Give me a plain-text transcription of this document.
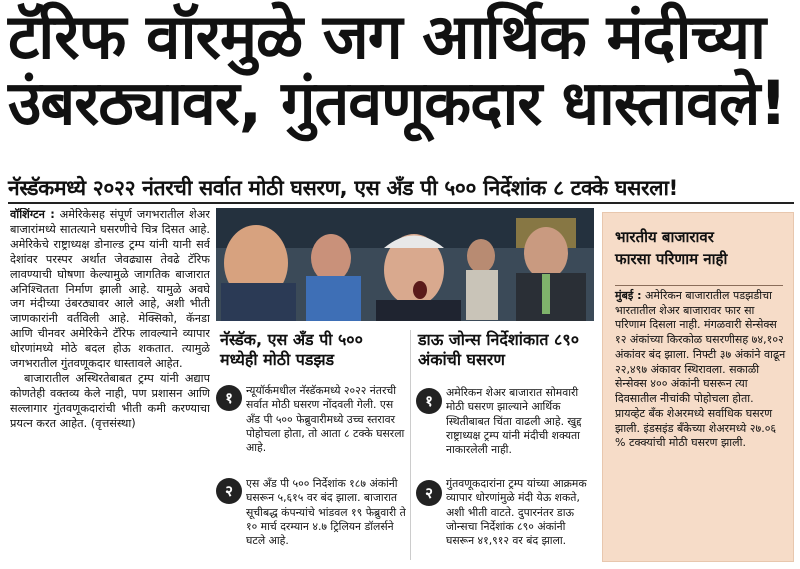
टॅरिफ वॉरमुळे जग आर्थिक मंदीच्या
उंबरठ्यावर, गुंतवणूकदार धास्तावले!
नॅस्डॅकमध्ये २०२२ नंतरची सर्वात मोठी घसरण, एस अँड पी ५०० निर्देशांक ८ टक्के घसरला!

वॉशिंग्टन : अमेरिकेसह संपूर्ण जगभरातील शेअर बाजारांमध्ये सातत्याने घसरणीचे चित्र दिसत आहे. अमेरिकेचे राष्ट्राध्यक्ष डोनाल्ड ट्रम्प यांनी यानी सर्व देशांवर परस्पर अर्थात जेवढ्यास तेवढे टॅरिफ लावण्याची घोषणा केल्यामुळे जागतिक बाजारात अनिश्चितता निर्माण झाली आहे. यामुळे अवघे जग मंदीच्या उंबरठ्यावर आले आहे, अशी भीती जाणकारांनी वर्तविली आहे. मेक्सिको, कॅनडा आणि चीनवर अमेरिकेने टॅरिफ लावल्याने व्यापार धोरणांमध्ये मोठे बदल होऊ शकतात. त्यामुळे जगभरातील गुंतवणूकदार धास्तावले आहेत.

बाजारातील अस्थिरतेबाबत ट्रम्प यांनी अद्याप कोणतेही वक्तव्य केले नाही, पण प्रशासन आणि सल्लागार गुंतवणूकदारांची भीती कमी करण्याचा प्रयत्न करत आहेत. (वृत्तसंस्था)

नॅस्डॅक, एस अँड पी ५०० मध्येही मोठी पडझड
१	न्यूयॉर्कमधील नॅस्डॅकमध्ये २०२२ नंतरची सर्वात मोठी घसरण नोंदवली गेली. एस अँड पी ५०० फेब्रुवारीमध्ये उच्च स्तरावर पोहोचला होता, तो आता ८ टक्के घसरला आहे.
२	एस अँड पी ५०० निर्देशांक १८७ अंकांनी घसरून ५,६१५ वर बंद झाला. बाजारात सूचीबद्ध कंपन्यांचे भांडवल १९ फेब्रुवारी ते १० मार्च दरम्यान ४.७ ट्रिलियन डॉलर्सने घटले आहे.
डाऊ जोन्स निर्देशांकात ८९० अंकांची घसरण
१	अमेरिकन शेअर बाजारात सोमवारी मोठी घसरण झाल्याने आर्थिक स्थितीबाबत चिंता वाढली आहे. खुद्द राष्ट्राध्यक्ष ट्रम्प यांनी मंदीची शक्यता नाकारलेली नाही.
२
गुंतवणूकदारांना ट्रम्प यांच्या आक्रमक व्यापार धोरणांमुळे मंदी येऊ शकते, अशी भीती वाटते. दुपारनंतर डाऊ जोन्सचा निर्देशांक ८९० अंकांनी घसरून ४१,९१२ वर बंद झाला.
भारतीय बाजारावर
फारसा परिणाम नाही
मुंबई : अमेरिकन बाजारातील पडझडीचा भारतातील शेअर बाजारावर फार सा परिणाम दिसला नाही. मंगळवारी सेन्सेक्स १२ अंकांच्या किरकोळ घसरणीसह ७४,१०२ अंकांवर बंद झाला. निफ्टी ३७ अंकांने वाढून २२,४९७ अंकावर स्थिरावला. सकाळी सेन्सेक्स ४०० अंकांनी घसरून त्या दिवसातील नीचांकी पोहोचला होता. प्रायव्हेट बँक शेअरमध्ये सर्वाधिक घसरण झाली. इंडसइंड बँकेच्या शेअरमध्ये २७.०६ % टक्क्यांची मोठी घसरण झाली.
